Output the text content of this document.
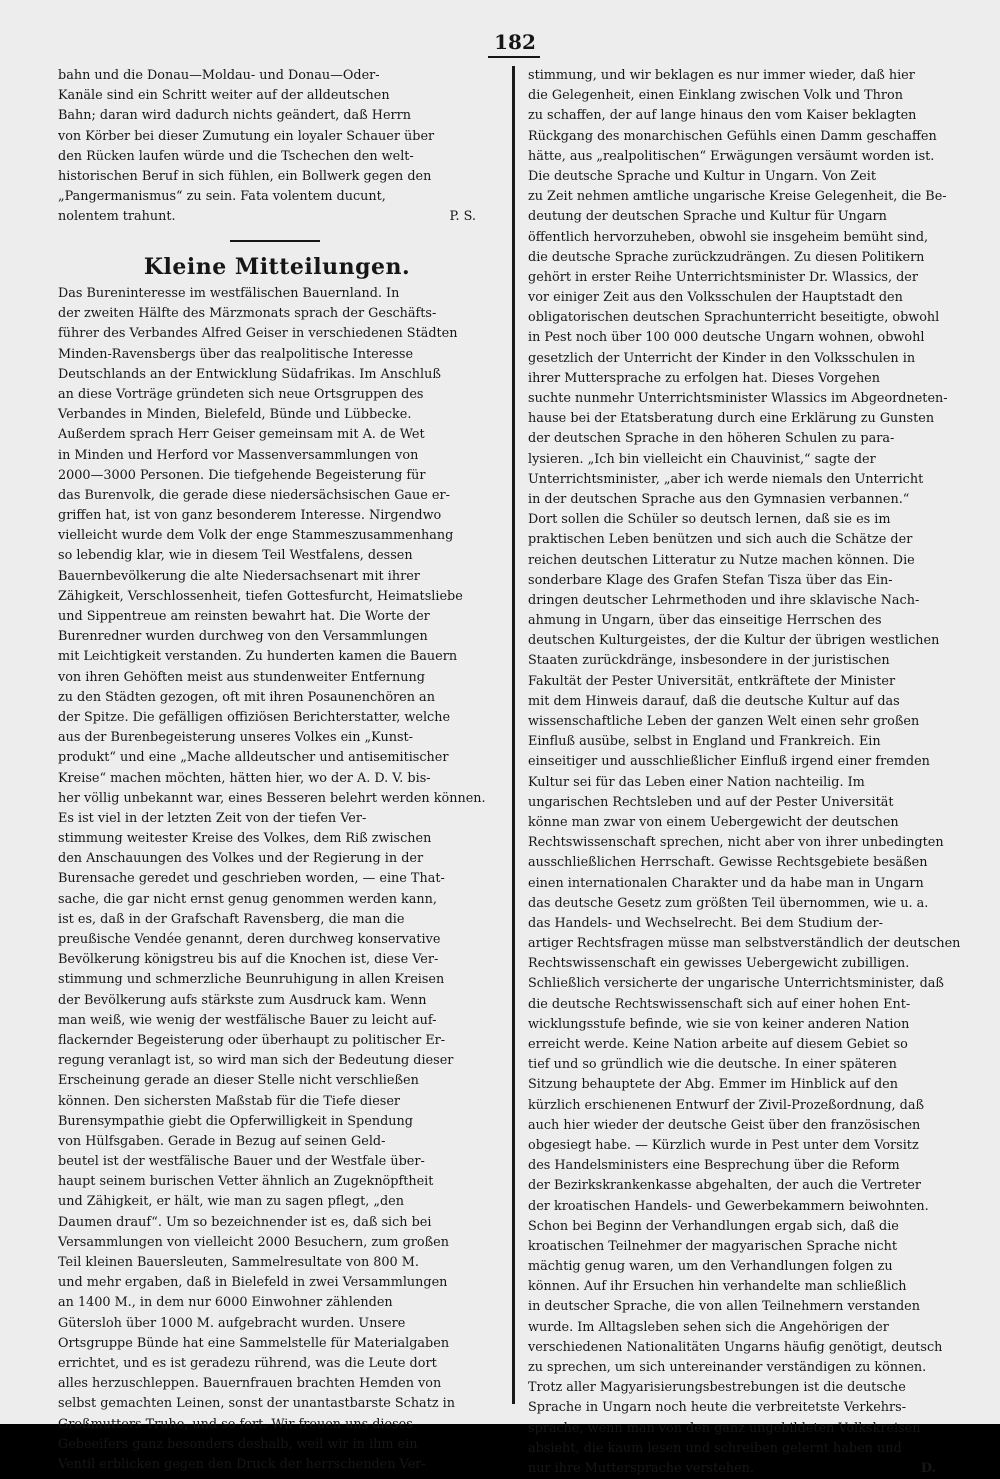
182
bahn und die Donau—Moldau- und Donau—Oder-
Kanäle sind ein Schritt weiter auf der alldeutschen
Bahn; daran wird dadurch nichts geändert, daß Herrn
von Körber bei dieser Zumutung ein loyaler Schauer über
den Rücken laufen würde und die Tschechen den welt-
historischen Beruf in sich fühlen, ein Bollwerk gegen den
„Pangermanismus“ zu sein. Fata volentem ducunt,
nolentem trahunt.	P. S.
Kleine Mitteilungen.
Das Bureninteresse im westfälischen Bauernland. In
der zweiten Hälfte des Märzmonats sprach der Geschäfts-
führer des Verbandes Alfred Geiser in verschiedenen Städten
Minden-Ravensbergs über das realpolitische Interesse
Deutschlands an der Entwicklung Südafrikas. Im Anschluß
an diese Vorträge gründeten sich neue Ortsgruppen des
Verbandes in Minden, Bielefeld, Bünde und Lübbecke.
Außerdem sprach Herr Geiser gemeinsam mit A. de Wet
in Minden und Herford vor Massenversammlungen von
2000—3000 Personen. Die tiefgehende Begeisterung für
das Burenvolk, die gerade diese niedersächsischen Gaue er-
griffen hat, ist von ganz besonderem Interesse. Nirgendwo
vielleicht wurde dem Volk der enge Stammeszusammenhang
so lebendig klar, wie in diesem Teil Westfalens, dessen
Bauernbevölkerung die alte Niedersachsenart mit ihrer
Zähigkeit, Verschlossenheit, tiefen Gottesfurcht, Heimatsliebe
und Sippentreue am reinsten bewahrt hat. Die Worte der
Burenredner wurden durchweg von den Versammlungen
mit Leichtigkeit verstanden. Zu hunderten kamen die Bauern
von ihren Gehöften meist aus stundenweiter Entfernung
zu den Städten gezogen, oft mit ihren Posaunenchören an
der Spitze. Die gefälligen offiziösen Berichterstatter, welche
aus der Burenbegeisterung unseres Volkes ein „Kunst-
produkt“ und eine „Mache alldeutscher und antisemitischer
Kreise“ machen möchten, hätten hier, wo der A. D. V. bis-
her völlig unbekannt war, eines Besseren belehrt werden können.
Es ist viel in der letzten Zeit von der tiefen Ver-
stimmung weitester Kreise des Volkes, dem Riß zwischen
den Anschauungen des Volkes und der Regierung in der
Burensache geredet und geschrieben worden, — eine That-
sache, die gar nicht ernst genug genommen werden kann,
ist es, daß in der Grafschaft Ravensberg, die man die
preußische Vendée genannt, deren durchweg konservative
Bevölkerung königstreu bis auf die Knochen ist, diese Ver-
stimmung und schmerzliche Beunruhigung in allen Kreisen
der Bevölkerung aufs stärkste zum Ausdruck kam. Wenn
man weiß, wie wenig der westfälische Bauer zu leicht auf-
flackernder Begeisterung oder überhaupt zu politischer Er-
regung veranlagt ist, so wird man sich der Bedeutung dieser
Erscheinung gerade an dieser Stelle nicht verschließen
können. Den sichersten Maßstab für die Tiefe dieser
Burensympathie giebt die Opferwilligkeit in Spendung
von Hülfsgaben. Gerade in Bezug auf seinen Geld-
beutel ist der westfälische Bauer und der Westfale über-
haupt seinem burischen Vetter ähnlich an Zugeknöpftheit
und Zähigkeit, er hält, wie man zu sagen pflegt, „den
Daumen drauf“. Um so bezeichnender ist es, daß sich bei
Versammlungen von vielleicht 2000 Besuchern, zum großen
Teil kleinen Bauersleuten, Sammelresultate von 800 M.
und mehr ergaben, daß in Bielefeld in zwei Versammlungen
an 1400 M., in dem nur 6000 Einwohner zählenden
Gütersloh über 1000 M. aufgebracht wurden. Unsere
Ortsgruppe Bünde hat eine Sammelstelle für Materialgaben
errichtet, und es ist geradezu rührend, was die Leute dort
alles herzuschleppen. Bauernfrauen brachten Hemden von
selbst gemachten Leinen, sonst der unantastbarste Schatz in
Großmutters Truhe, und so fort. Wir freuen uns dieses
Gebeeifers ganz besonders deshalb, weil wir in ihm ein
Ventil erblicken gegen den Druck der herrschenden Ver-
stimmung, und wir beklagen es nur immer wieder, daß hier
die Gelegenheit, einen Einklang zwischen Volk und Thron
zu schaffen, der auf lange hinaus den vom Kaiser beklagten
Rückgang des monarchischen Gefühls einen Damm geschaffen
hätte, aus „realpolitischen“ Erwägungen versäumt worden ist.
Die deutsche Sprache und Kultur in Ungarn. Von Zeit
zu Zeit nehmen amtliche ungarische Kreise Gelegenheit, die Be-
deutung der deutschen Sprache und Kultur für Ungarn
öffentlich hervorzuheben, obwohl sie insgeheim bemüht sind,
die deutsche Sprache zurückzudrängen. Zu diesen Politikern
gehört in erster Reihe Unterrichtsminister Dr. Wlassics, der
vor einiger Zeit aus den Volksschulen der Hauptstadt den
obligatorischen deutschen Sprachunterricht beseitigte, obwohl
in Pest noch über 100 000 deutsche Ungarn wohnen, obwohl
gesetzlich der Unterricht der Kinder in den Volksschulen in
ihrer Muttersprache zu erfolgen hat. Dieses Vorgehen
suchte nunmehr Unterrichtsminister Wlassics im Abgeordneten-
hause bei der Etatsberatung durch eine Erklärung zu Gunsten
der deutschen Sprache in den höheren Schulen zu para-
lysieren. „Ich bin vielleicht ein Chauvinist,“ sagte der
Unterrichtsminister, „aber ich werde niemals den Unterricht
in der deutschen Sprache aus den Gymnasien verbannen.“
Dort sollen die Schüler so deutsch lernen, daß sie es im
praktischen Leben benützen und sich auch die Schätze der
reichen deutschen Litteratur zu Nutze machen können. Die
sonderbare Klage des Grafen Stefan Tisza über das Ein-
dringen deutscher Lehrmethoden und ihre sklavische Nach-
ahmung in Ungarn, über das einseitige Herrschen des
deutschen Kulturgeistes, der die Kultur der übrigen westlichen
Staaten zurückdränge, insbesondere in der juristischen
Fakultät der Pester Universität, entkräftete der Minister
mit dem Hinweis darauf, daß die deutsche Kultur auf das
wissenschaftliche Leben der ganzen Welt einen sehr großen
Einfluß ausübe, selbst in England und Frankreich. Ein
einseitiger und ausschließlicher Einfluß irgend einer fremden
Kultur sei für das Leben einer Nation nachteilig. Im
ungarischen Rechtsleben und auf der Pester Universität
könne man zwar von einem Uebergewicht der deutschen
Rechtswissenschaft sprechen, nicht aber von ihrer unbedingten
ausschließlichen Herrschaft. Gewisse Rechtsgebiete besäßen
einen internationalen Charakter und da habe man in Ungarn
das deutsche Gesetz zum größten Teil übernommen, wie u. a.
das Handels- und Wechselrecht. Bei dem Studium der-
artiger Rechtsfragen müsse man selbstverständlich der deutschen
Rechtswissenschaft ein gewisses Uebergewicht zubilligen.
Schließlich versicherte der ungarische Unterrichtsminister, daß
die deutsche Rechtswissenschaft sich auf einer hohen Ent-
wicklungsstufe befinde, wie sie von keiner anderen Nation
erreicht werde. Keine Nation arbeite auf diesem Gebiet so
tief und so gründlich wie die deutsche. In einer späteren
Sitzung behauptete der Abg. Emmer im Hinblick auf den
kürzlich erschienenen Entwurf der Zivil-Prozeßordnung, daß
auch hier wieder der deutsche Geist über den französischen
obgesiegt habe. — Kürzlich wurde in Pest unter dem Vorsitz
des Handelsministers eine Besprechung über die Reform
der Bezirkskrankenkasse abgehalten, der auch die Vertreter
der kroatischen Handels- und Gewerbekammern beiwohnten.
Schon bei Beginn der Verhandlungen ergab sich, daß die
kroatischen Teilnehmer der magyarischen Sprache nicht
mächtig genug waren, um den Verhandlungen folgen zu
können. Auf ihr Ersuchen hin verhandelte man schließlich
in deutscher Sprache, die von allen Teilnehmern verstanden
wurde. Im Alltagsleben sehen sich die Angehörigen der
verschiedenen Nationalitäten Ungarns häufig genötigt, deutsch
zu sprechen, um sich untereinander verständigen zu können.
Trotz aller Magyarisierungsbestrebungen ist die deutsche
Sprache in Ungarn noch heute die verbreitetste Verkehrs-
sprache, wenn man von den ganz ungebildeten Volkskreisen
absieht, die kaum lesen und schreiben gelernt haben und
nur ihre Muttersprache verstehen.	D.
